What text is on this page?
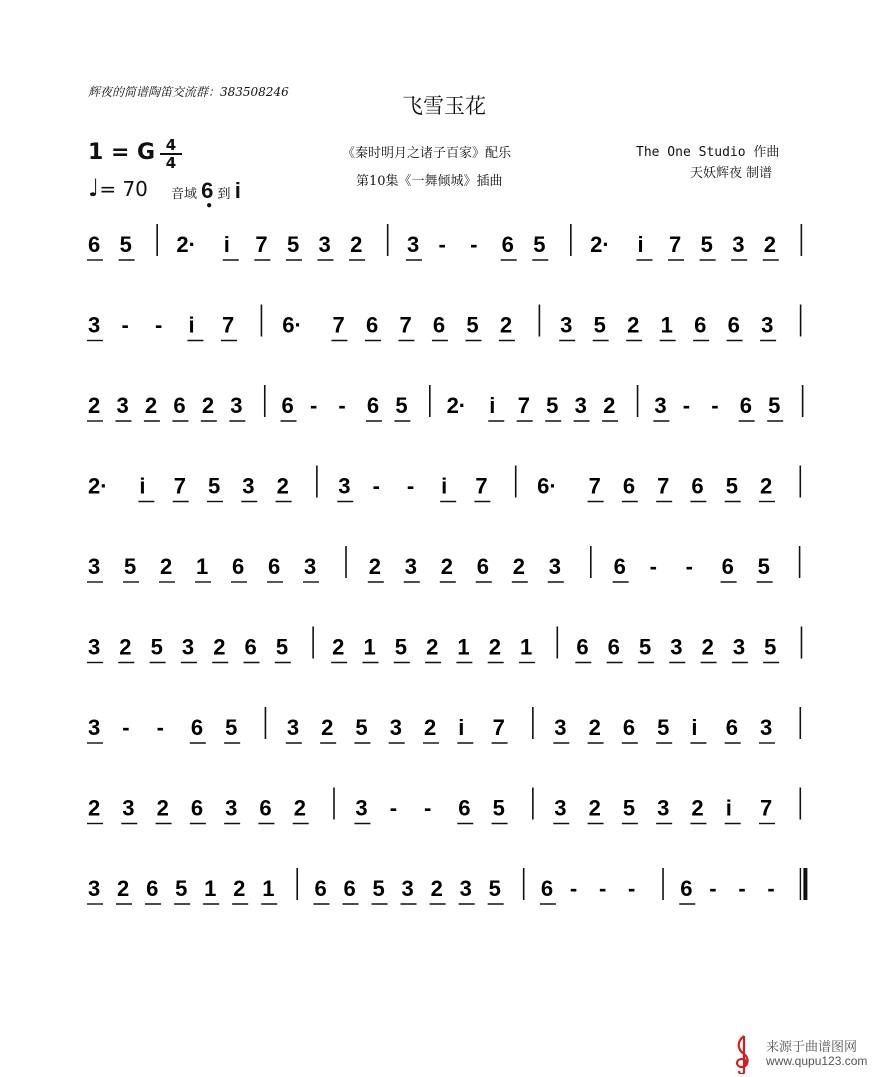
辉夜的简谱陶笛交流群：383508246
飞雪玉花
1 = G 4
4
♩= 70 音域 6
●
到 i
《秦时明月之诸子百家》配乐
第10集《一舞倾城》插曲
The One Studio 作曲
天妖辉夜 制谱
6 5 2· i 7 5 3 2 3 - - 6 5 2· i 7 5 3 2
3 - - i 7 6· 7 6 7 6 5 2 3 5 2 1 6 6 3
2 3 2 6 2 3 6 - - 6 5 2· i 7 5 3 2 3 - - 6 5
2· i 7 5 3 2 3 - - i 7 6· 7 6 7 6 5 2
3 5 2 1 6 6 3 2 3 2 6 2 3 6 - - 6 5
3 2 5 3 2 6 5 2 1 5 2 1 2 1 6 6 5 3 2 3 5
3 - - 6 5 3 2 5 3 2 i 7 3 2 6 5 i 6 3
2 3 2 6 3 6 2 3 - - 6 5 3 2 5 3 2 i 7
3 2 6 5 1 2 1 6 6 5 3 2 3 5 6 - - - 6 - - -
来源于曲谱图网
www.qupu123.com
